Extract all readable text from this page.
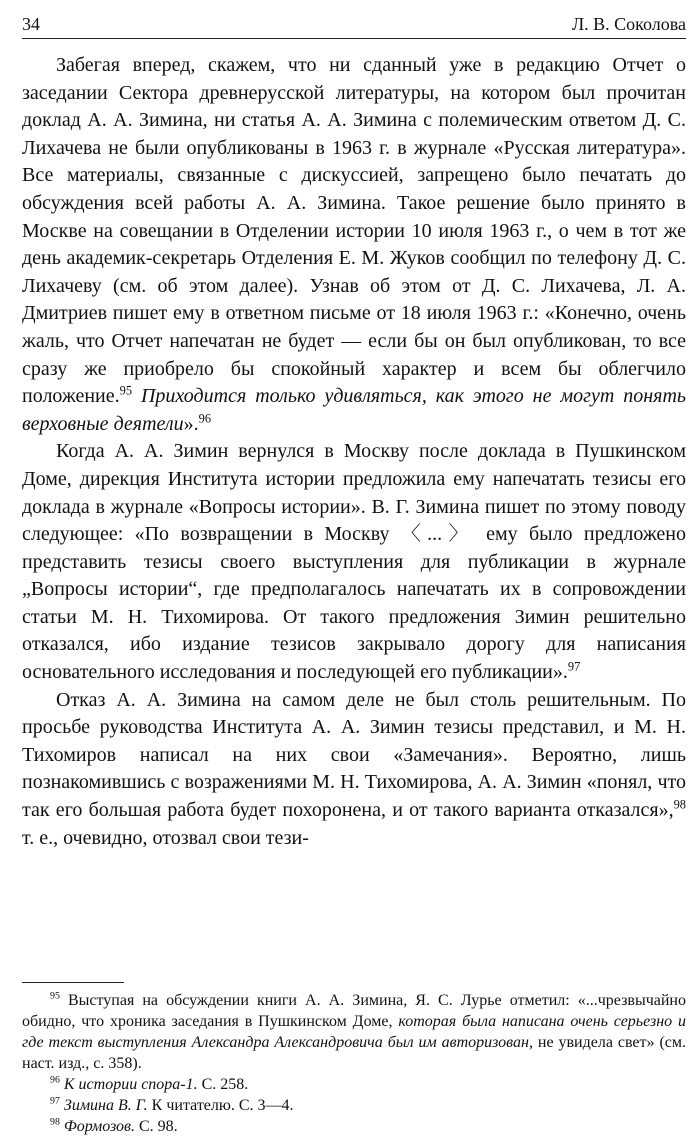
34	Л. В. Соколова

Забегая вперед, скажем, что ни сданный уже в редакцию Отчет о заседании Сектора древнерусской литературы, на котором был прочитан доклад А. А. Зимина, ни статья А. А. Зимина с полемическим ответом Д. С. Лихачева не были опубликованы в 1963 г. в журнале «Русская литература». Все материалы, связанные с дискуссией, запрещено было печатать до обсуждения всей работы А. А. Зимина. Такое решение было принято в Москве на совещании в Отделении истории 10 июля 1963 г., о чем в тот же день академик-секретарь Отделения Е. М. Жуков сообщил по телефону Д. С. Лихачеву (см. об этом далее). Узнав об этом от Д. С. Лихачева, Л. А. Дмитриев пишет ему в ответном письме от 18 июля 1963 г.: «Конечно, очень жаль, что Отчет напечатан не будет — если бы он был опубликован, то все сразу же приобрело бы спокойный характер и всем бы облегчило положение.$^{95}$ Приходится только удивляться, как этого не могут понять верховные деятели».$^{96}$

Когда А. А. Зимин вернулся в Москву после доклада в Пушкинском Доме, дирекция Института истории предложила ему напечатать тезисы его доклада в журнале «Вопросы истории». В. Г. Зимина пишет по этому поводу следующее: «По возвращении в Москву 〈...〉 ему было предложено представить тезисы своего выступления для публикации в журнале „Вопросы истории“, где предполагалось напечатать их в сопровождении статьи М. Н. Тихомирова. От такого предложения Зимин решительно отказался, ибо издание тезисов закрывало дорогу для написания основательного исследования и последующей его публикации».$^{97}$

Отказ А. А. Зимина на самом деле не был столь решительным. По просьбе руководства Института А. А. Зимин тезисы представил, и М. Н. Тихомиров написал на них свои «Замечания». Вероятно, лишь познакомившись с возражениями М. Н. Тихомирова, А. А. Зимин «понял, что так его большая работа будет похоронена, и от такого варианта отказался»,$^{98}$ т. е., очевидно, отозвал свои тези-

$^{95}$ Выступая на обсуждении книги А. А. Зимина, Я. С. Лурье отметил: «...чрезвычайно обидно, что хроника заседания в Пушкинском Доме, которая была написана очень серьезно и где текст выступления Александра Александровича был им авторизован, не увидела свет» (см. наст. изд., с. 358).

$^{96}$ К истории спора-1. С. 258.

$^{97}$ Зимина В. Г. К читателю. С. 3—4.

$^{98}$ Формозов. С. 98.
